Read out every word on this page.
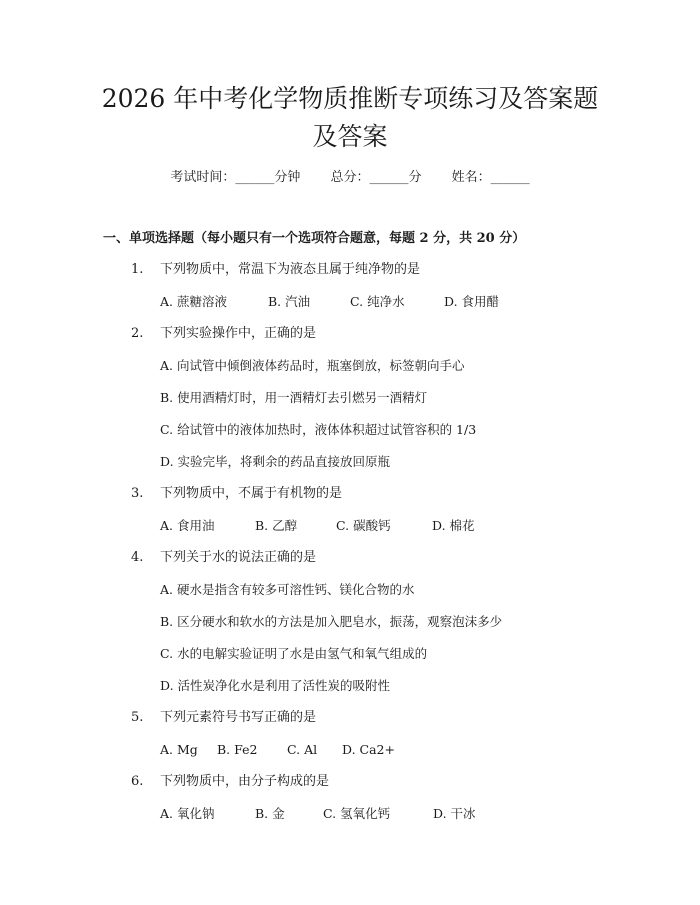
2026 年中考化学物质推断专项练习及答案题
及答案
考试时间：______分钟 总分：______分 姓名：______
一、单项选择题（每小题只有一个选项符合题意，每题 2 分，共 20 分）
1. 下列物质中，常温下为液态且属于纯净物的是
A. 蔗糖溶液	B. 汽油	C. 纯净水	D. 食用醋
2. 下列实验操作中，正确的是
A. 向试管中倾倒液体药品时，瓶塞倒放，标签朝向手心
B. 使用酒精灯时，用一酒精灯去引燃另一酒精灯
C. 给试管中的液体加热时，液体体积超过试管容积的 1/3
D. 实验完毕，将剩余的药品直接放回原瓶
3. 下列物质中，不属于有机物的是
A. 食用油	B. 乙醇	C. 碳酸钙	D. 棉花
4. 下列关于水的说法正确的是
A. 硬水是指含有较多可溶性钙、镁化合物的水
B. 区分硬水和软水的方法是加入肥皂水，振荡，观察泡沫多少
C. 水的电解实验证明了水是由氢气和氧气组成的
D. 活性炭净化水是利用了活性炭的吸附性
5. 下列元素符号书写正确的是
A. Mg B. Fe2 C. Al D. Ca2+
6. 下列物质中，由分子构成的是
A. 氧化钠	B. 金	C. 氢氧化钙	D. 干冰
